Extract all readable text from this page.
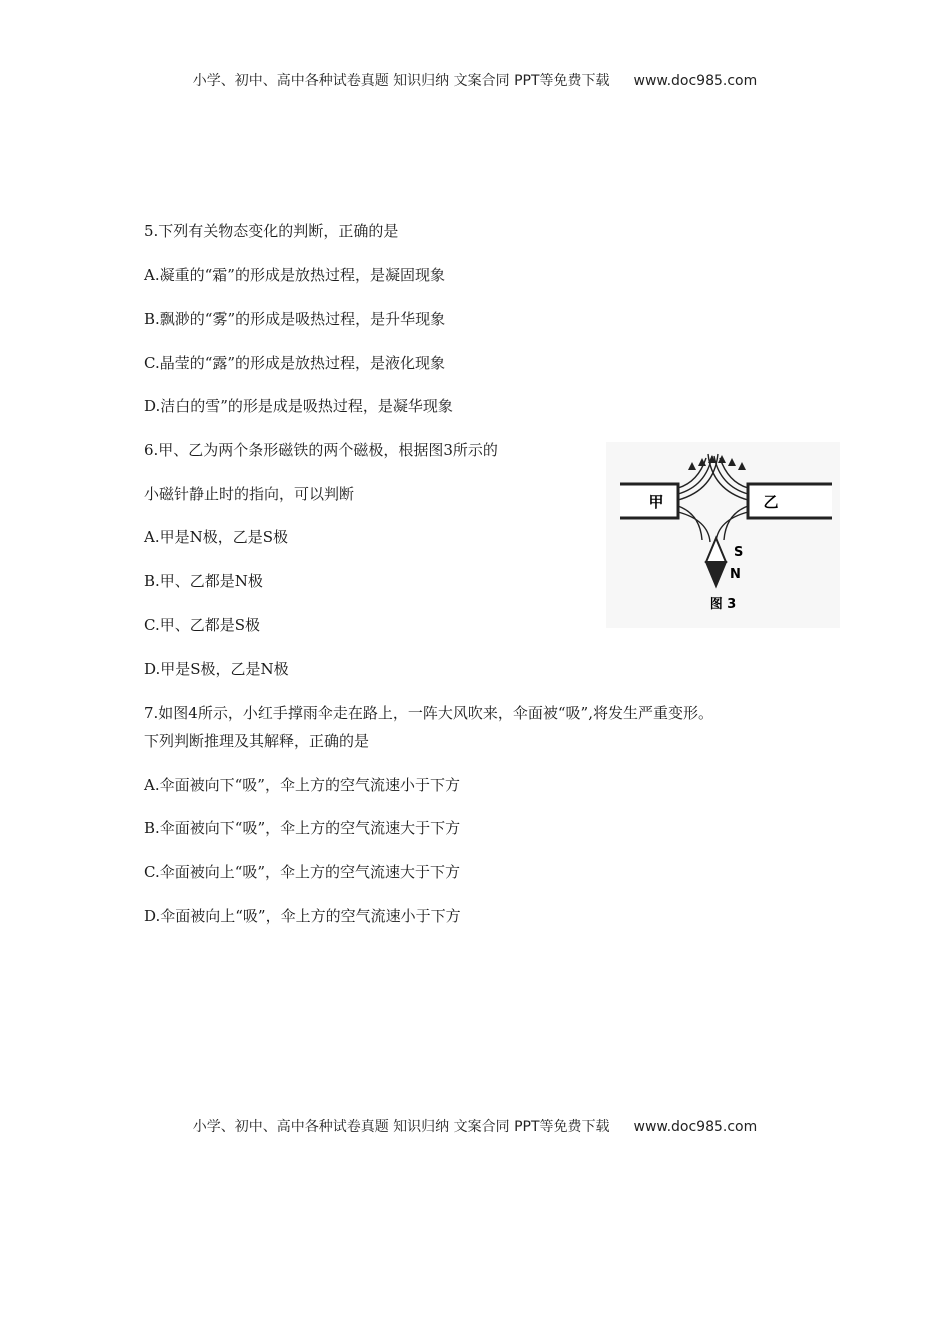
小学、初中、高中各种试卷真题 知识归纳 文案合同 PPT等免费下载 www.doc985.com
5.下列有关物态变化的判断，正确的是
A.凝重的“霜”的形成是放热过程，是凝固现象
B.飘渺的“雾”的形成是吸热过程，是升华现象
C.晶莹的“露”的形成是放热过程，是液化现象
D.洁白的雪”的形是成是吸热过程，是凝华现象
6.甲、乙为两个条形磁铁的两个磁极，根据图3所示的
小磁针静止时的指向，可以判断
A.甲是N极，乙是S极
B.甲、乙都是N极
C.甲、乙都是S极
D.甲是S极，乙是N极
甲	乙
S
N
图 3
7.如图4所示，小红手撑雨伞走在路上，一阵大风吹来，伞面被“吸”,将发生严重变形。
下列判断推理及其解释，正确的是
A.伞面被向下“吸”，伞上方的空气流速小于下方
B.伞面被向下“吸”，伞上方的空气流速大于下方
C.伞面被向上“吸”，伞上方的空气流速大于下方
D.伞面被向上“吸”，伞上方的空气流速小于下方
小学、初中、高中各种试卷真题 知识归纳 文案合同 PPT等免费下载 www.doc985.com
